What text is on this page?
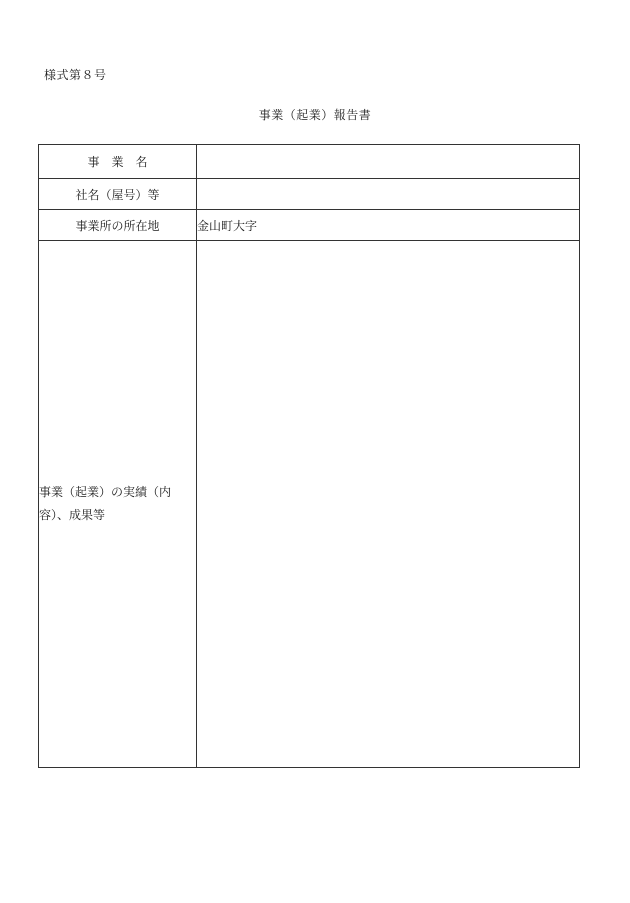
様式第８号
事業（起業）報告書
事　業　名	
社名（屋号）等	
事業所の所在地	金山町大字
事業（起業）の実績（内容）、成果等	
